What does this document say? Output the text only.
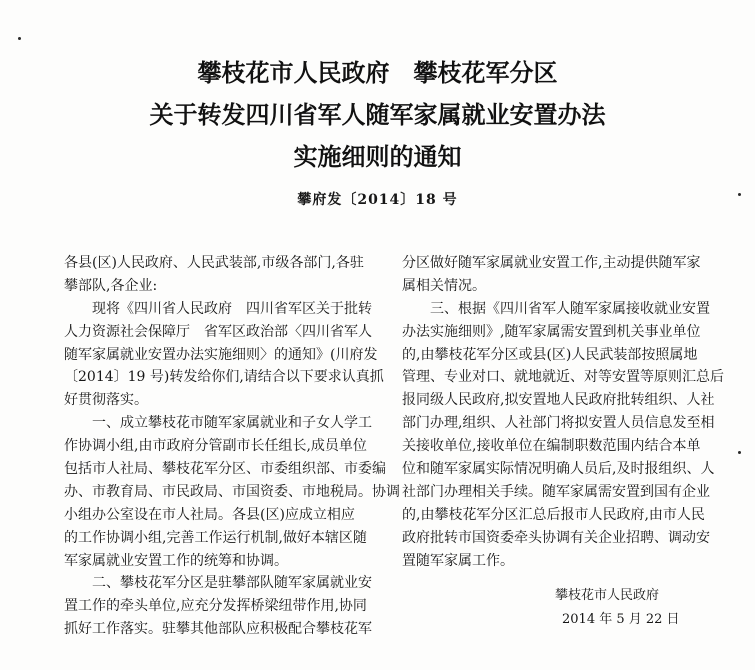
攀枝花市人民政府　攀枝花军分区
关于转发四川省军人随军家属就业安置办法
实施细则的通知
攀府发〔2014〕18 号
各县(区)人民政府、人民武装部,市级各部门,各驻
攀部队,各企业:
现将《四川省人民政府　四川省军区关于批转
人力资源社会保障厅　省军区政治部〈四川省军人
随军家属就业安置办法实施细则〉的通知》(川府发
〔2014〕19 号)转发给你们,请结合以下要求认真抓
好贯彻落实。
一、成立攀枝花市随军家属就业和子女人学工
作协调小组,由市政府分管副市长任组长,成员单位
包括市人社局、攀枝花军分区、市委组织部、市委编
办、市教育局、市民政局、市国资委、市地税局。协调
小组办公室设在市人社局。各县(区)应成立相应
的工作协调小组,完善工作运行机制,做好本辖区随
军家属就业安置工作的统筹和协调。
二、攀枝花军分区是驻攀部队随军家属就业安
置工作的牵头单位,应充分发挥桥梁纽带作用,协同
抓好工作落实。驻攀其他部队应积极配合攀枝花军
分区做好随军家属就业安置工作,主动提供随军家
属相关情况。
三、根据《四川省军人随军家属接收就业安置
办法实施细则》,随军家属需安置到机关事业单位
的,由攀枝花军分区或县(区)人民武装部按照属地
管理、专业对口、就地就近、对等安置等原则汇总后
报同级人民政府,拟安置地人民政府批转组织、人社
部门办理,组织、人社部门将拟安置人员信息发至相
关接收单位,接收单位在编制职数范围内结合本单
位和随军家属实际情况明确人员后,及时报组织、人
社部门办理相关手续。随军家属需安置到国有企业
的,由攀枝花军分区汇总后报市人民政府,由市人民
政府批转市国资委牵头协调有关企业招聘、调动安
置随军家属工作。
攀枝花市人民政府
2014 年 5 月 22 日
